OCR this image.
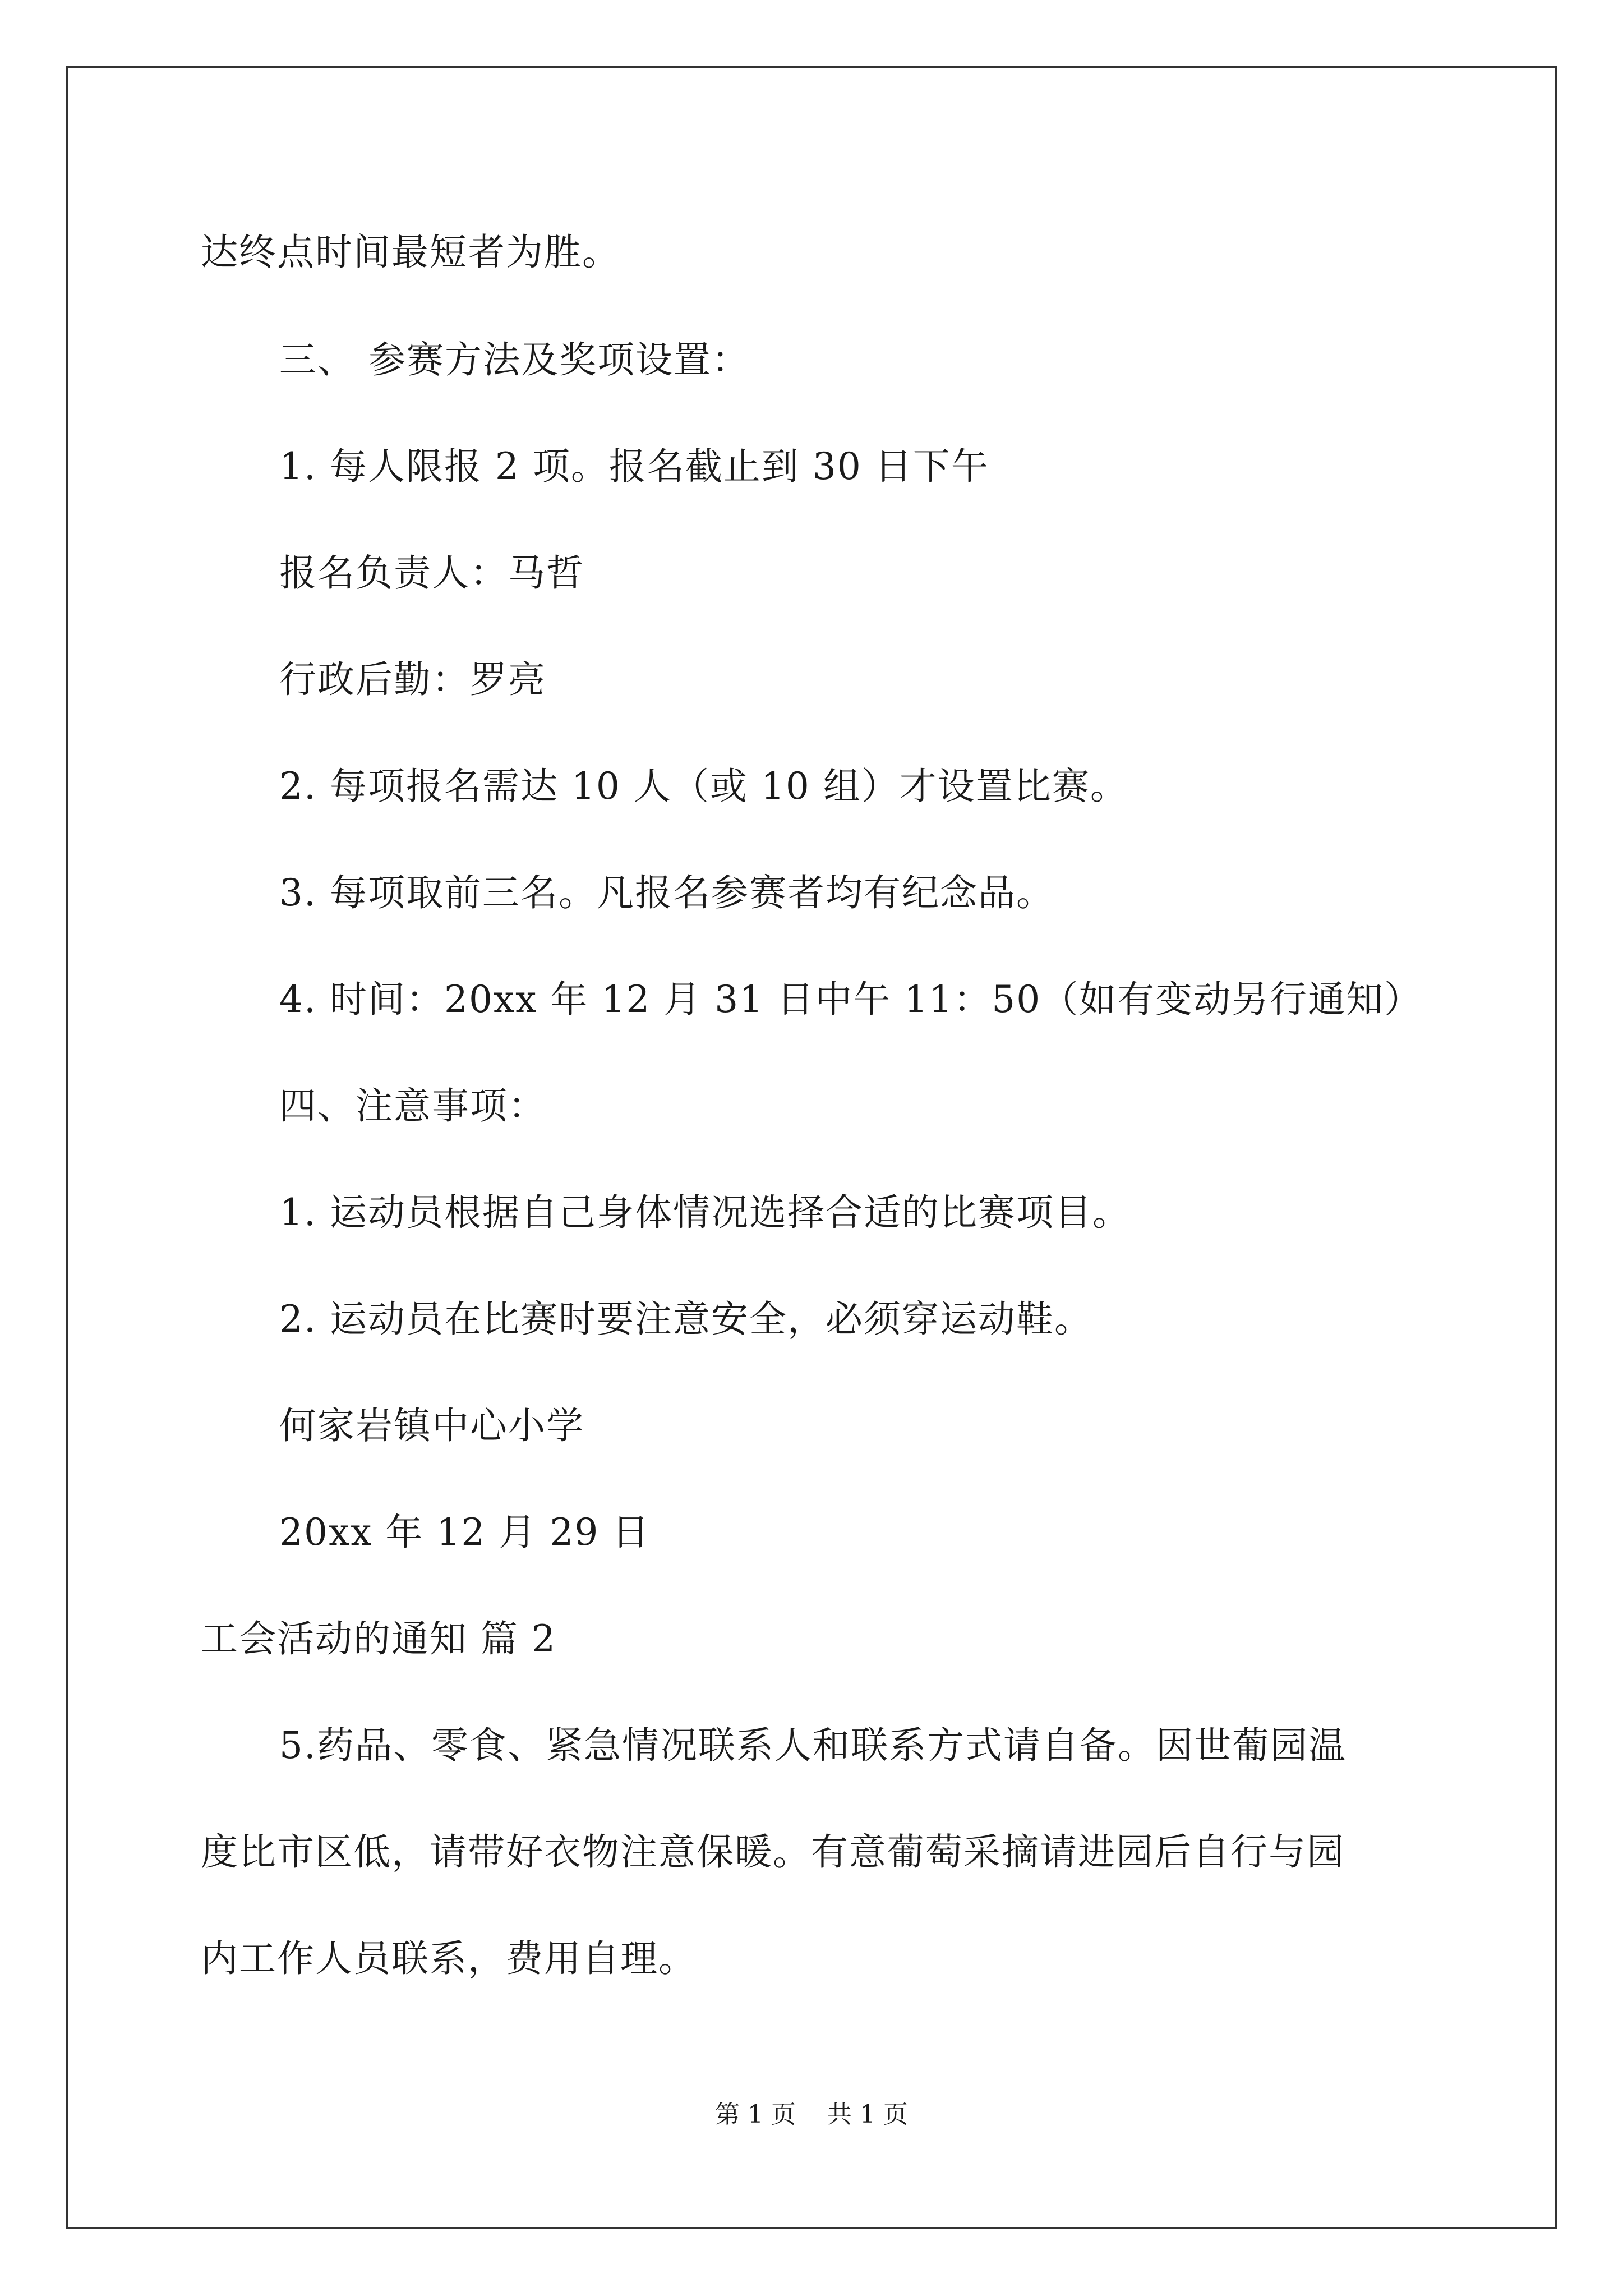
达终点时间最短者为胜。
三、 参赛方法及奖项设置：
1. 每人限报 2 项。报名截止到 30 日下午
报名负责人：马哲
行政后勤：罗亮
2. 每项报名需达 10 人（或 10 组）才设置比赛。
3. 每项取前三名。凡报名参赛者均有纪念品。
4. 时间：20xx 年 12 月 31 日中午 11：50（如有变动另行通知）
四、注意事项：
1. 运动员根据自己身体情况选择合适的比赛项目。
2. 运动员在比赛时要注意安全，必须穿运动鞋。
何家岩镇中心小学
20xx 年 12 月 29 日
工会活动的通知 篇 2
5.药品、零食、紧急情况联系人和联系方式请自备。因世葡园温
度比市区低，请带好衣物注意保暖。有意葡萄采摘请进园后自行与园
内工作人员联系，费用自理。
第 1 页 共 1 页
